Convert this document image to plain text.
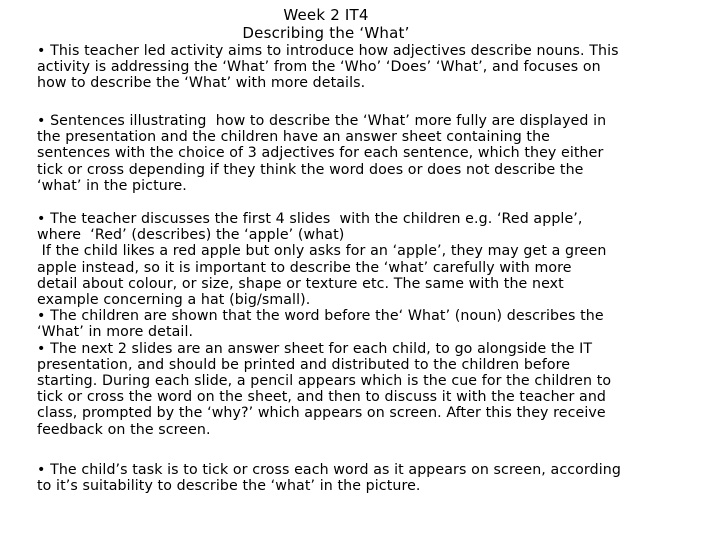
Week 2 IT4
Describing the ‘What’
• This teacher led activity aims to introduce how adjectives describe nouns. This
activity is addressing the ‘What’ from the ‘Who’ ‘Does’ ‘What’, and focuses on
how to describe the ‘What’ with more details.
• Sentences illustrating  how to describe the ‘What’ more fully are displayed in
the presentation and the children have an answer sheet containing the
sentences with the choice of 3 adjectives for each sentence, which they either
tick or cross depending if they think the word does or does not describe the
‘what’ in the picture.
• The teacher discusses the first 4 slides  with the children e.g. ‘Red apple’,
where  ‘Red’ (describes) the ‘apple’ (what)
If the child likes a red apple but only asks for an ‘apple’, they may get a green
apple instead, so it is important to describe the ‘what’ carefully with more
detail about colour, or size, shape or texture etc. The same with the next
example concerning a hat (big/small).
• The children are shown that the word before the‘ What’ (noun) describes the
‘What’ in more detail.
• The next 2 slides are an answer sheet for each child, to go alongside the IT
presentation, and should be printed and distributed to the children before
starting. During each slide, a pencil appears which is the cue for the children to
tick or cross the word on the sheet, and then to discuss it with the teacher and
class, prompted by the ‘why?’ which appears on screen. After this they receive
feedback on the screen.
• The child’s task is to tick or cross each word as it appears on screen, according
to it’s suitability to describe the ‘what’ in the picture.
